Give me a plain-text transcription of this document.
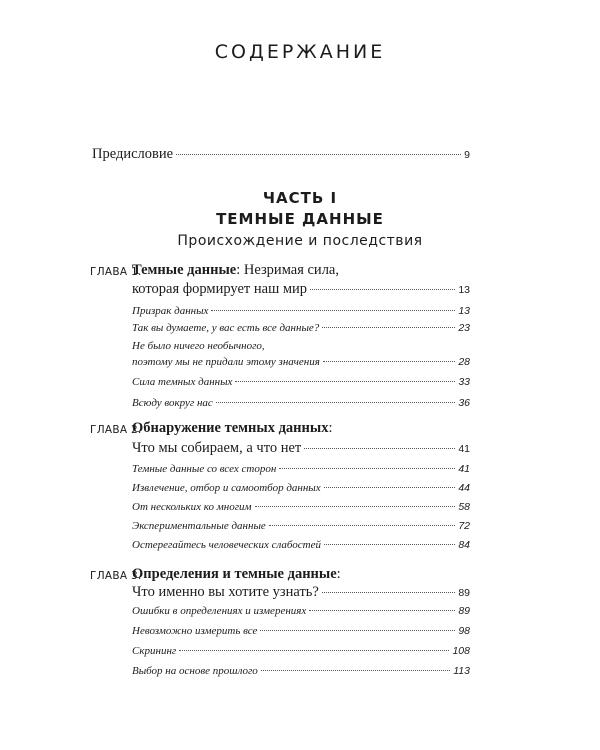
СОДЕРЖАНИЕ
Предисловие	9
ЧАСТЬ I
ТЕМНЫЕ ДАННЫЕ
Происхождение и последствия
ГЛАВА 1.
Темные данные: Незримая сила,
которая формирует наш мир	13
Призрак данных	13
Так вы думаете, у вас есть все данные?	23
Не было ничего необычного,
поэтому мы не придали этому значения	28
Сила темных данных	33
Всюду вокруг нас	36
ГЛАВА 2.
Обнаружение темных данных:
Что мы собираем, а что нет	41
Темные данные со всех сторон	41
Извлечение, отбор и самоотбор данных	44
От нескольких ко многим	58
Экспериментальные данные	72
Остерегайтесь человеческих слабостей	84
ГЛАВА 3.
Определения и темные данные:
Что именно вы хотите узнать?	89
Ошибки в определениях и измерениях	89
Невозможно измерить все	98
Скрининг	108
Выбор на основе прошлого	113
